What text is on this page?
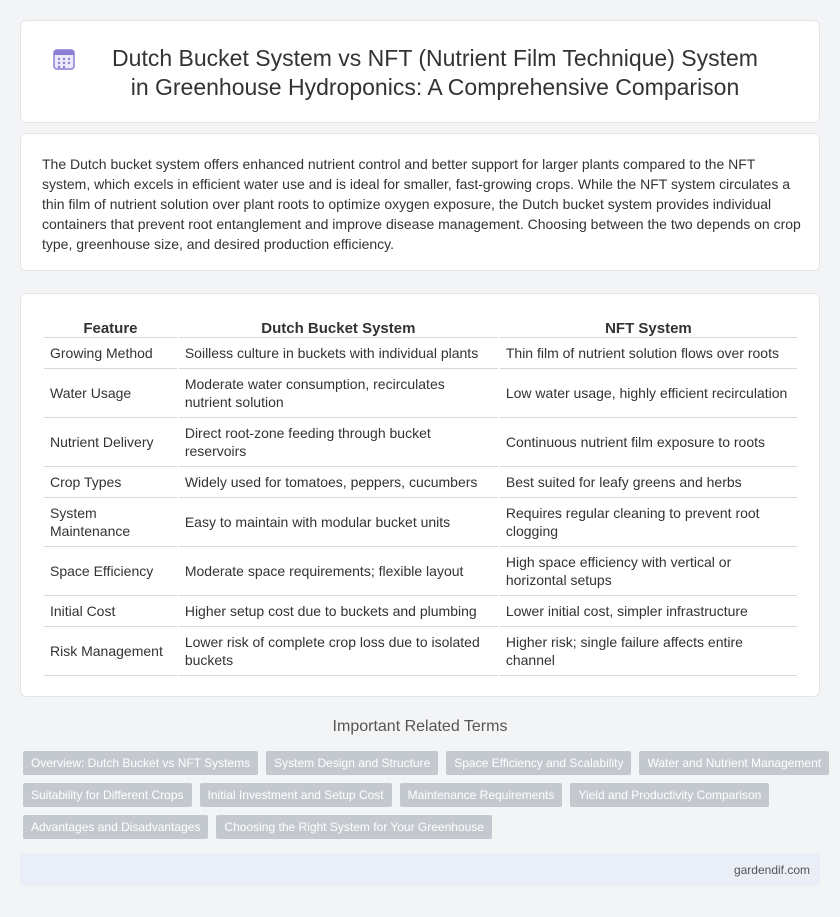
Dutch Bucket System vs NFT (Nutrient Film Technique) System in Greenhouse Hydroponics: A Comprehensive Comparison

The Dutch bucket system offers enhanced nutrient control and better support for larger plants compared to the NFT system, which excels in efficient water use and is ideal for smaller, fast-growing crops. While the NFT system circulates a thin film of nutrient solution over plant roots to optimize oxygen exposure, the Dutch bucket system provides individual containers that prevent root entanglement and improve disease management. Choosing between the two depends on crop type, greenhouse size, and desired production efficiency.

Feature	Dutch Bucket System	NFT System
Growing Method	Soilless culture in buckets with individual plants	Thin film of nutrient solution flows over roots
Water Usage	Moderate water consumption, recirculates nutrient solution	Low water usage, highly efficient recirculation
Nutrient Delivery	Direct root-zone feeding through bucket reservoirs	Continuous nutrient film exposure to roots
Crop Types	Widely used for tomatoes, peppers, cucumbers	Best suited for leafy greens and herbs
System Maintenance	Easy to maintain with modular bucket units	Requires regular cleaning to prevent root clogging
Space Efficiency	Moderate space requirements; flexible layout	High space efficiency with vertical or horizontal setups
Initial Cost	Higher setup cost due to buckets and plumbing	Lower initial cost, simpler infrastructure
Risk Management	Lower risk of complete crop loss due to isolated buckets	Higher risk; single failure affects entire channel
Important Related Terms
Overview: Dutch Bucket vs NFT Systems	System Design and Structure	Space Efficiency and Scalability	Water and Nutrient Management
Suitability for Different Crops	Initial Investment and Setup Cost	Maintenance Requirements	Yield and Productivity Comparison
Advantages and Disadvantages	Choosing the Right System for Your Greenhouse
gardendif.com
